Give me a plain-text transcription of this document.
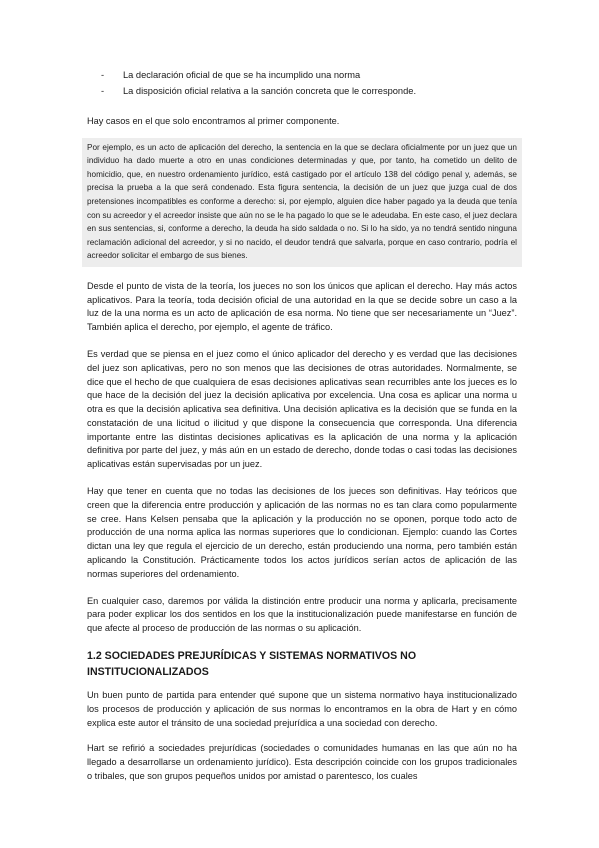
- La declaración oficial de que se ha incumplido una norma
- La disposición oficial relativa a la sanción concreta que le corresponde.

Hay casos en el que solo encontramos al primer componente.

Por ejemplo, es un acto de aplicación del derecho, la sentencia en la que se declara oficialmente por un juez que un individuo ha dado muerte a otro en unas condiciones determinadas y que, por tanto, ha cometido un delito de homicidio, que, en nuestro ordenamiento jurídico, está castigado por el artículo 138 del código penal y, además, se precisa la prueba a la que será condenado. Esta figura sentencia, la decisión de un juez que juzga cual de dos pretensiones incompatibles es conforme a derecho: si, por ejemplo, alguien dice haber pagado ya la deuda que tenía con su acreedor y el acreedor insiste que aún no se le ha pagado lo que se le adeudaba. En este caso, el juez declara en sus sentencias, si, conforme a derecho, la deuda ha sido saldada o no. Si lo ha sido, ya no tendrá sentido ninguna reclamación adicional del acreedor, y si no nacido, el deudor tendrá que salvarla, porque en caso contrario, podría el acreedor solicitar el embargo de sus bienes.

Desde el punto de vista de la teoría, los jueces no son los únicos que aplican el derecho. Hay más actos aplicativos. Para la teoría, toda decisión oficial de una autoridad en la que se decide sobre un caso a la luz de la una norma es un acto de aplicación de esa norma. No tiene que ser necesariamente un “Juez”. También aplica el derecho, por ejemplo, el agente de tráfico.

Es verdad que se piensa en el juez como el único aplicador del derecho y es verdad que las decisiones del juez son aplicativas, pero no son menos que las decisiones de otras autoridades. Normalmente, se dice que el hecho de que cualquiera de esas decisiones aplicativas sean recurribles ante los jueces es lo que hace de la decisión del juez la decisión aplicativa por excelencia. Una cosa es aplicar una norma u otra es que la decisión aplicativa sea definitiva. Una decisión aplicativa es la decisión que se funda en la constatación de una licitud o ilicitud y que dispone la consecuencia que corresponda. Una diferencia importante entre las distintas decisiones aplicativas es la aplicación de una norma y la aplicación definitiva por parte del juez, y más aún en un estado de derecho, donde todas o casi todas las decisiones aplicativas están supervisadas por un juez.

Hay que tener en cuenta que no todas las decisiones de los jueces son definitivas. Hay teóricos que creen que la diferencia entre producción y aplicación de las normas no es tan clara como popularmente se cree. Hans Kelsen pensaba que la aplicación y la producción no se oponen, porque todo acto de producción de una norma aplica las normas superiores que lo condicionan. Ejemplo: cuando las Cortes dictan una ley que regula el ejercicio de un derecho, están produciendo una norma, pero también están aplicando la Constitución. Prácticamente todos los actos jurídicos serían actos de aplicación de las normas superiores del ordenamiento.

En cualquier caso, daremos por válida la distinción entre producir una norma y aplicarla, precisamente para poder explicar los dos sentidos en los que la institucionalización puede manifestarse en función de que afecte al proceso de producción de las normas o su aplicación.

1.2 SOCIEDADES PREJURÍDICAS Y SISTEMAS NORMATIVOS NO INSTITUCIONALIZADOS

Un buen punto de partida para entender qué supone que un sistema normativo haya institucionalizado los procesos de producción y aplicación de sus normas lo encontramos en la obra de Hart y en cómo explica este autor el tránsito de una sociedad prejurídica a una sociedad con derecho.

Hart se refirió a sociedades prejurídicas (sociedades o comunidades humanas en las que aún no ha llegado a desarrollarse un ordenamiento jurídico). Esta descripción coincide con los grupos tradicionales o tribales, que son grupos pequeños unidos por amistad o parentesco, los cuales
